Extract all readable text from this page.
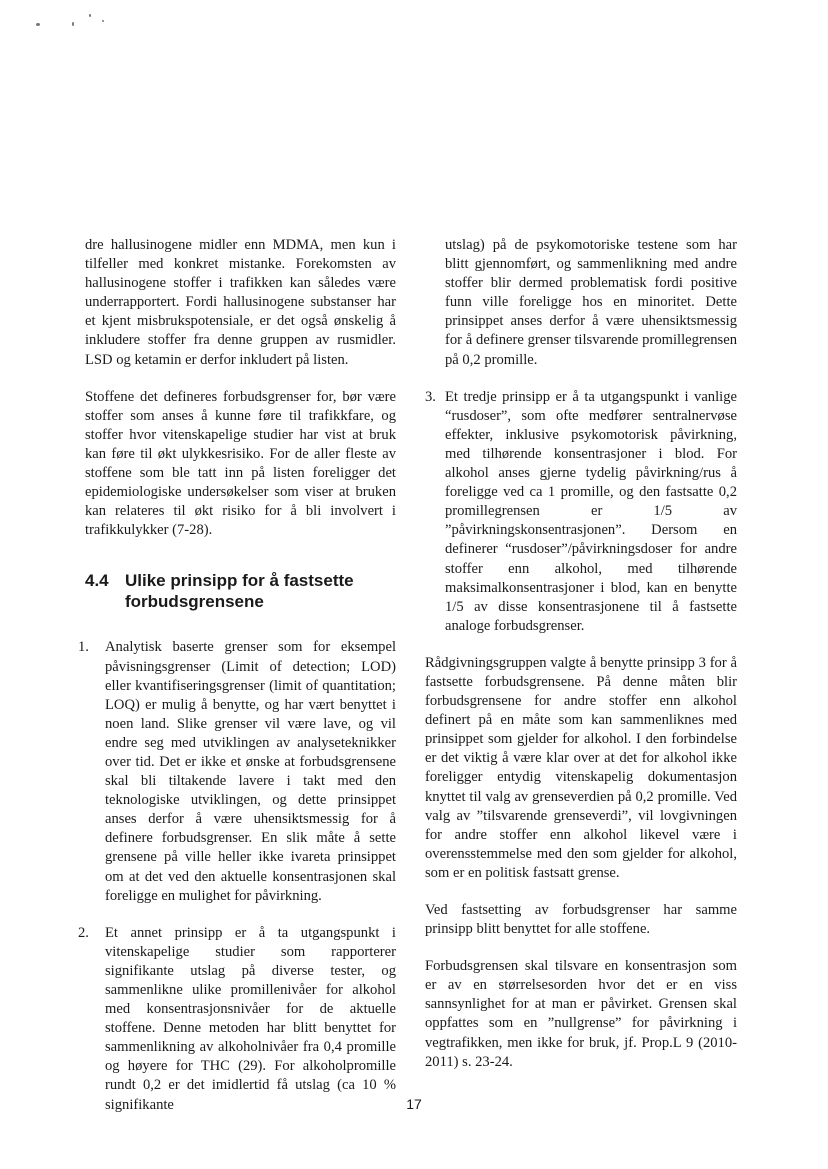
dre hallusinogene midler enn MDMA, men kun i tilfeller med konkret mistanke. Forekomsten av hallusinogene stoffer i trafikken kan således være underrapportert. Fordi hallusinogene substanser har et kjent misbrukspotensiale, er det også ønskelig å inkludere stoffer fra denne gruppen av rusmidler. LSD og ketamin er derfor inkludert på listen.

Stoffene det defineres forbudsgrenser for, bør være stoffer som anses å kunne føre til trafikkfare, og stoffer hvor vitenskapelige studier har vist at bruk kan føre til økt ulykkesrisiko. For de aller fleste av stoffene som ble tatt inn på listen foreligger det epidemiologiske undersøkelser som viser at bruken kan relateres til økt risiko for å bli involvert i trafikkulykker (7-28).

4.4 Ulike prinsipp for å fastsette forbudsgrensene
1. Analytisk baserte grenser som for eksempel påvisningsgrenser (Limit of detection; LOD) eller kvantifiseringsgrenser (limit of quantitation; LOQ) er mulig å benytte, og har vært benyttet i noen land. Slike grenser vil være lave, og vil endre seg med utviklingen av analyseteknikker over tid. Det er ikke et ønske at forbudsgrensene skal bli tiltakende lavere i takt med den teknologiske utviklingen, og dette prinsippet anses derfor å være uhensiktsmessig for å definere forbudsgrenser. En slik måte å sette grensene på ville heller ikke ivareta prinsippet om at det ved den aktuelle konsentrasjonen skal foreligge en mulighet for påvirkning.

2. Et annet prinsipp er å ta utgangspunkt i vitenskapelige studier som rapporterer signifikante utslag på diverse tester, og sammenlikne ulike promillenivåer for alkohol med konsentrasjonsnivåer for de aktuelle stoffene. Denne metoden har blitt benyttet for sammenlikning av alkoholnivåer fra 0,4 promille og høyere for THC (29). For alkoholpromille rundt 0,2 er det imidlertid få utslag (ca 10 % signifikante

utslag) på de psykomotoriske testene som har blitt gjennomført, og sammenlikning med andre stoffer blir dermed problematisk fordi positive funn ville foreligge hos en minoritet. Dette prinsippet anses derfor å være uhensiktsmessig for å definere grenser tilsvarende promillegrensen på 0,2 promille.

3. Et tredje prinsipp er å ta utgangspunkt i vanlige “rusdoser”, som ofte medfører sentralnervøse effekter, inklusive psykomotorisk påvirkning, med tilhørende konsentrasjoner i blod. For alkohol anses gjerne tydelig påvirkning/rus å foreligge ved ca 1 promille, og den fastsatte 0,2 promillegrensen er 1/5 av ”påvirkningskonsentrasjonen”. Dersom en definerer “rusdoser”/påvirkningsdoser for andre stoffer enn alkohol, med tilhørende maksimalkonsentrasjoner i blod, kan en benytte 1/5 av disse konsentrasjonene til å fastsette analoge forbudsgrenser.

Rådgivningsgruppen valgte å benytte prinsipp 3 for å fastsette forbudsgrensene. På denne måten blir forbudsgrensene for andre stoffer enn alkohol definert på en måte som kan sammenliknes med prinsippet som gjelder for alkohol. I den forbindelse er det viktig å være klar over at det for alkohol ikke foreligger entydig vitenskapelig dokumentasjon knyttet til valg av grenseverdien på 0,2 promille. Ved valg av ”tilsvarende grenseverdi”, vil lovgivningen for andre stoffer enn alkohol likevel være i overensstemmelse med den som gjelder for alkohol, som er en politisk fastsatt grense.

Ved fastsetting av forbudsgrenser har samme prinsipp blitt benyttet for alle stoffene.

Forbudsgrensen skal tilsvare en konsentrasjon som er av en størrelsesorden hvor det er en viss sannsynlighet for at man er påvirket. Grensen skal oppfattes som en ”nullgrense” for påvirkning i vegtrafikken, men ikke for bruk, jf. Prop.L 9 (2010-2011) s. 23-24.

17
